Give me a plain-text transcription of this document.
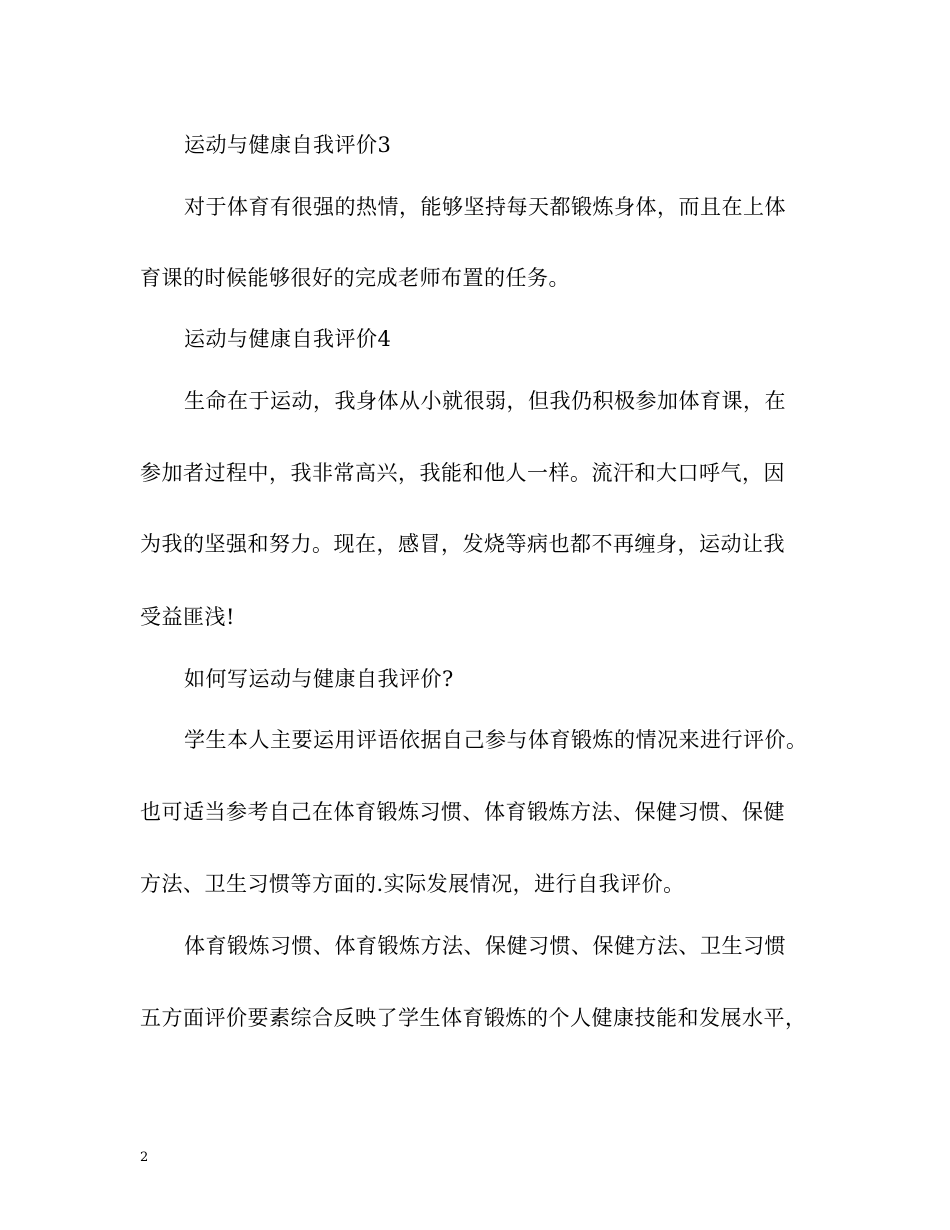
运动与健康自我评价3
对于体育有很强的热情，能够坚持每天都锻炼身体，而且在上体
育课的时候能够很好的完成老师布置的任务。
运动与健康自我评价4
生命在于运动，我身体从小就很弱，但我仍积极参加体育课，在
参加者过程中，我非常高兴，我能和他人一样。流汗和大口呼气，因
为我的坚强和努力。现在，感冒，发烧等病也都不再缠身，运动让我
受益匪浅!
如何写运动与健康自我评价?
学生本人主要运用评语依据自己参与体育锻炼的情况来进行评价。
也可适当参考自己在体育锻炼习惯、体育锻炼方法、保健习惯、保健
方法、卫生习惯等方面的.实际发展情况，进行自我评价。
体育锻炼习惯、体育锻炼方法、保健习惯、保健方法、卫生习惯
五方面评价要素综合反映了学生体育锻炼的个人健康技能和发展水平，
2
